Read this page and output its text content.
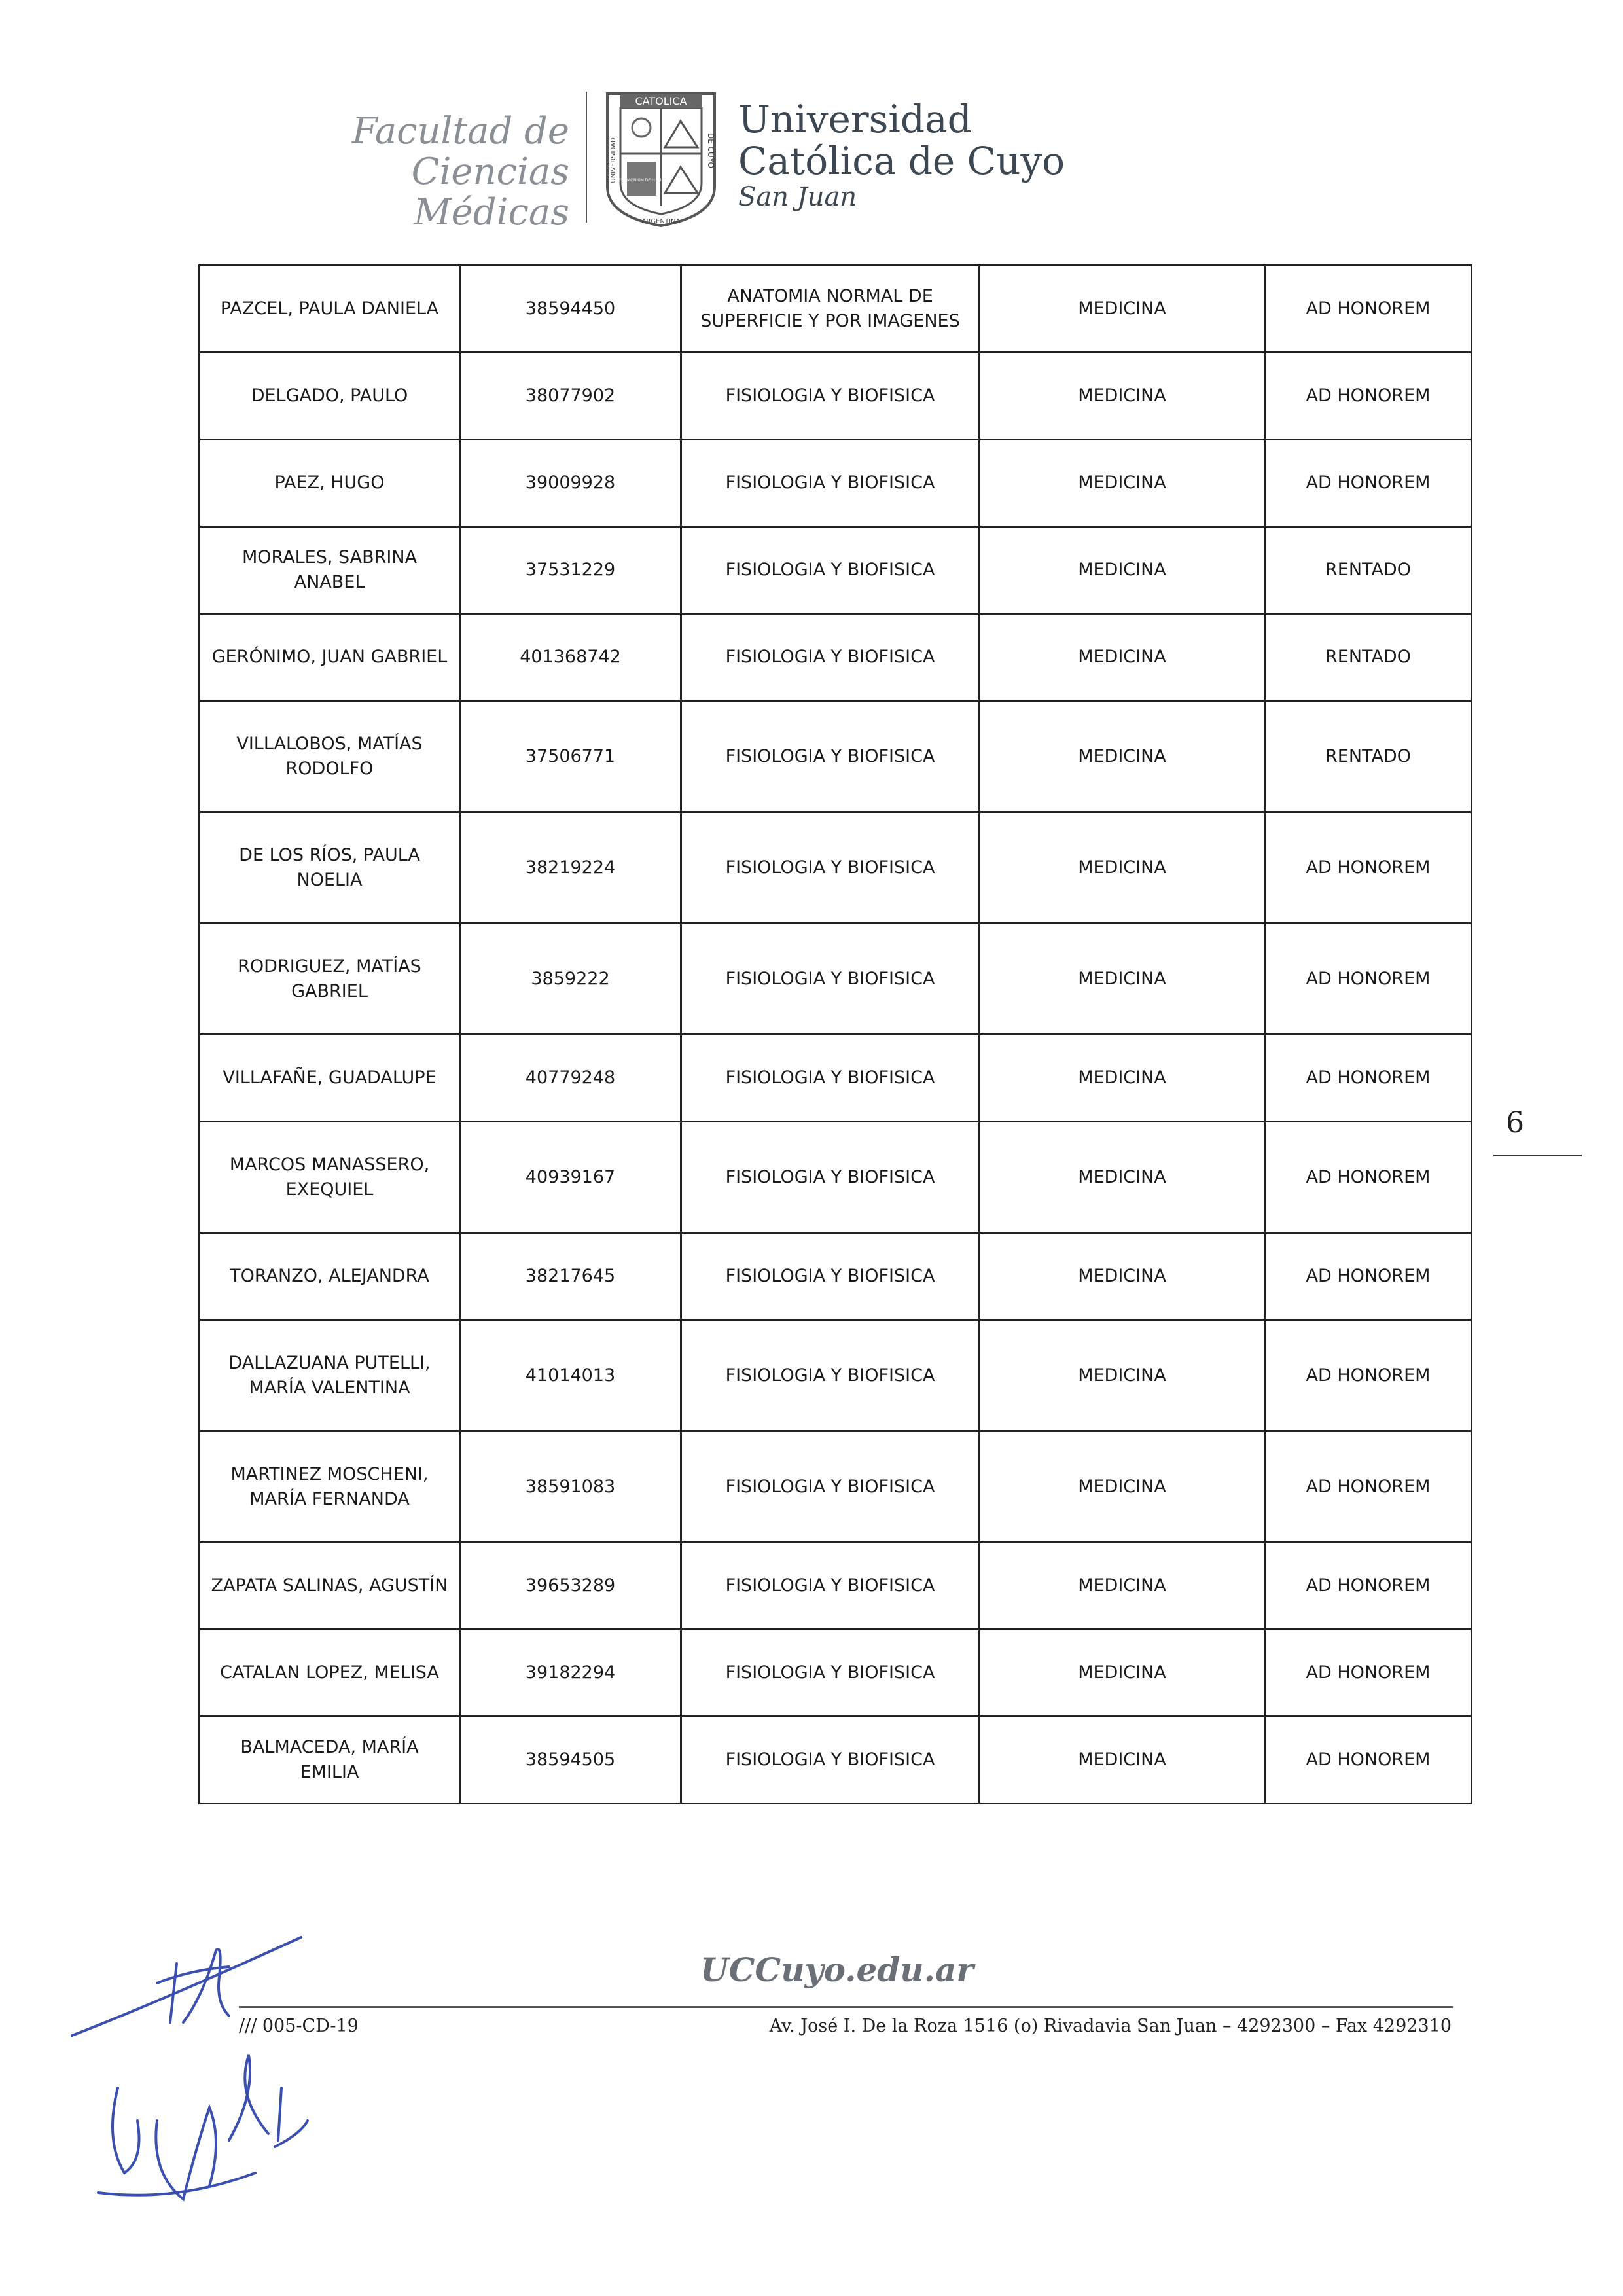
Facultad de Ciencias
Médicas
CATOLICA
UNIVERSIDAD	DE CUYO
ARGENTINA
TESTIMONIUM DE LUMINE
Universidad
Católica de Cuyo
San Juan
PAZCEL, PAULA DANIELA	38594450	ANATOMIA NORMAL DE SUPERFICIE Y POR IMAGENES	MEDICINA	AD HONOREM
DELGADO, PAULO	38077902	FISIOLOGIA Y BIOFISICA	MEDICINA	AD HONOREM
PAEZ, HUGO	39009928	FISIOLOGIA Y BIOFISICA	MEDICINA	AD HONOREM
MORALES, SABRINA ANABEL	37531229	FISIOLOGIA Y BIOFISICA	MEDICINA	RENTADO
GERÓNIMO, JUAN GABRIEL	401368742	FISIOLOGIA Y BIOFISICA	MEDICINA	RENTADO
VILLALOBOS, MATÍAS RODOLFO	37506771	FISIOLOGIA Y BIOFISICA	MEDICINA	RENTADO
DE LOS RÍOS, PAULA NOELIA	38219224	FISIOLOGIA Y BIOFISICA	MEDICINA	AD HONOREM
RODRIGUEZ, MATÍAS GABRIEL	3859222	FISIOLOGIA Y BIOFISICA	MEDICINA	AD HONOREM
VILLAFAÑE, GUADALUPE	40779248	FISIOLOGIA Y BIOFISICA	MEDICINA	AD HONOREM
MARCOS MANASSERO, EXEQUIEL	40939167	FISIOLOGIA Y BIOFISICA	MEDICINA	AD HONOREM
TORANZO, ALEJANDRA	38217645	FISIOLOGIA Y BIOFISICA	MEDICINA	AD HONOREM
DALLAZUANA PUTELLI, MARÍA VALENTINA	41014013	FISIOLOGIA Y BIOFISICA	MEDICINA	AD HONOREM
MARTINEZ MOSCHENI, MARÍA FERNANDA	38591083	FISIOLOGIA Y BIOFISICA	MEDICINA	AD HONOREM
ZAPATA SALINAS, AGUSTÍN	39653289	FISIOLOGIA Y BIOFISICA	MEDICINA	AD HONOREM
CATALAN LOPEZ, MELISA	39182294	FISIOLOGIA Y BIOFISICA	MEDICINA	AD HONOREM
BALMACEDA, MARÍA EMILIA	38594505	FISIOLOGIA Y BIOFISICA	MEDICINA	AD HONOREM
6
UCCuyo.edu.ar
/// 005-CD-19	Av. José I. De la Roza 1516 (o) Rivadavia San Juan – 4292300 – Fax 4292310
